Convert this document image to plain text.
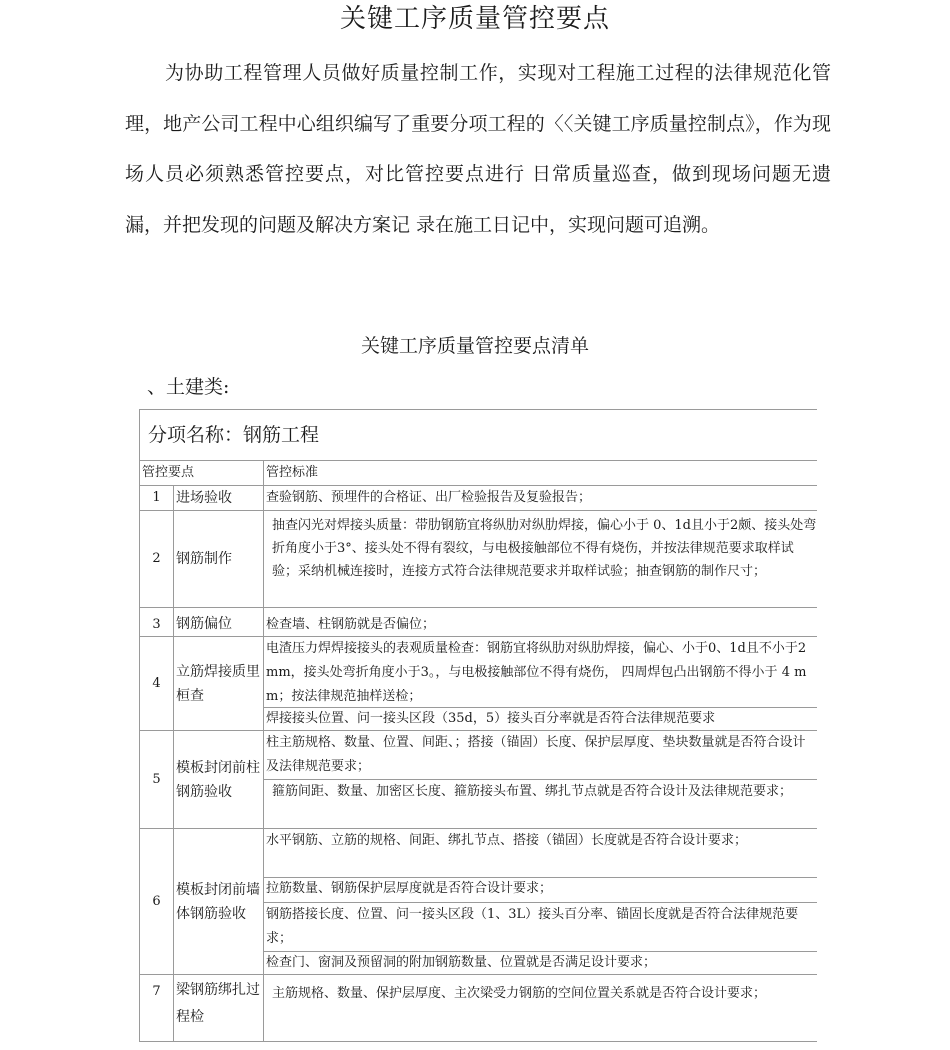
关键工序质量管控要点

为协助工程管理人员做好质量控制工作，实现对工程施工过程的法律规范化管理，地产公司工程中心组织编写了重要分项工程的〈〈关键工序质量控制点》，作为现场人员必须熟悉管控要点，对比管控要点进行 日常质量巡查，做到现场问题无遗漏，并把发现的问题及解决方案记 录在施工日记中，实现问题可追溯。

关键工序质量管控要点清单
、土建类:
分项名称：钢筋工程		
管控要点		管控标准
1	进场验收	查验钢筋、预埋件的合格证、出厂检验报告及复验报告；
2	钢筋制作	抽查闪光对焊接头质量：带肋钢筋宜将纵肋对纵肋焊接，偏心小于 0、1d且小于2颇、接头处弯折角度小于3°、接头处不得有裂纹，与电极接触部位不得有烧伤，并按法律规范要求取样试验；采纳机械连接时，连接方式符合法律规范要求并取样试验；抽查钢筋的制作尺寸；

3	钢筋偏位	检查墙、柱钢筋就是否偏位；
4	立筋焊接质里桓查	电渣压力焊焊接接头的表观质量检查：钢筋宜将纵肋对纵肋焊接，偏心、小于0、1d且不小于2 mm，接头处弯折角度小于3。，与电极接触部位不得有烧伤， 四周焊包凸出钢筋不得小于 4 mm；按法律规范抽样送检；

		焊接接头位置、问一接头区段（35d，5）接头百分率就是否符合法律规范要求
5	模板封闭前柱钢筋验收	柱主筋规格、数量、位置、间距、；搭接（锚固）长度、保护层厚度、垫块数量就是否符合设计及法律规范要求；
		箍筋间距、数量、加密区长度、箍筋接头布置、绑扎节点就是否符合设计及法律规范要求；
6	模板封闭前墙体钢筋验收	水平钢筋、立筋的规格、间距、绑扎节点、搭接（锚固）长度就是否符合设计要求；
		拉筋数量、钢筋保护层厚度就是否符合设计要求；
		钢筋搭接长度、位置、问一接头区段（1、3L）接头百分率、锚固长度就是否符合法律规范要求；
		检查门、窗洞及预留洞的附加钢筋数量、位置就是否满足设计要求；
7	梁钢筋绑扎过程检	主筋规格、数量、保护层厚度、主次梁受力钢筋的空间位置关系就是否符合设计要求；
